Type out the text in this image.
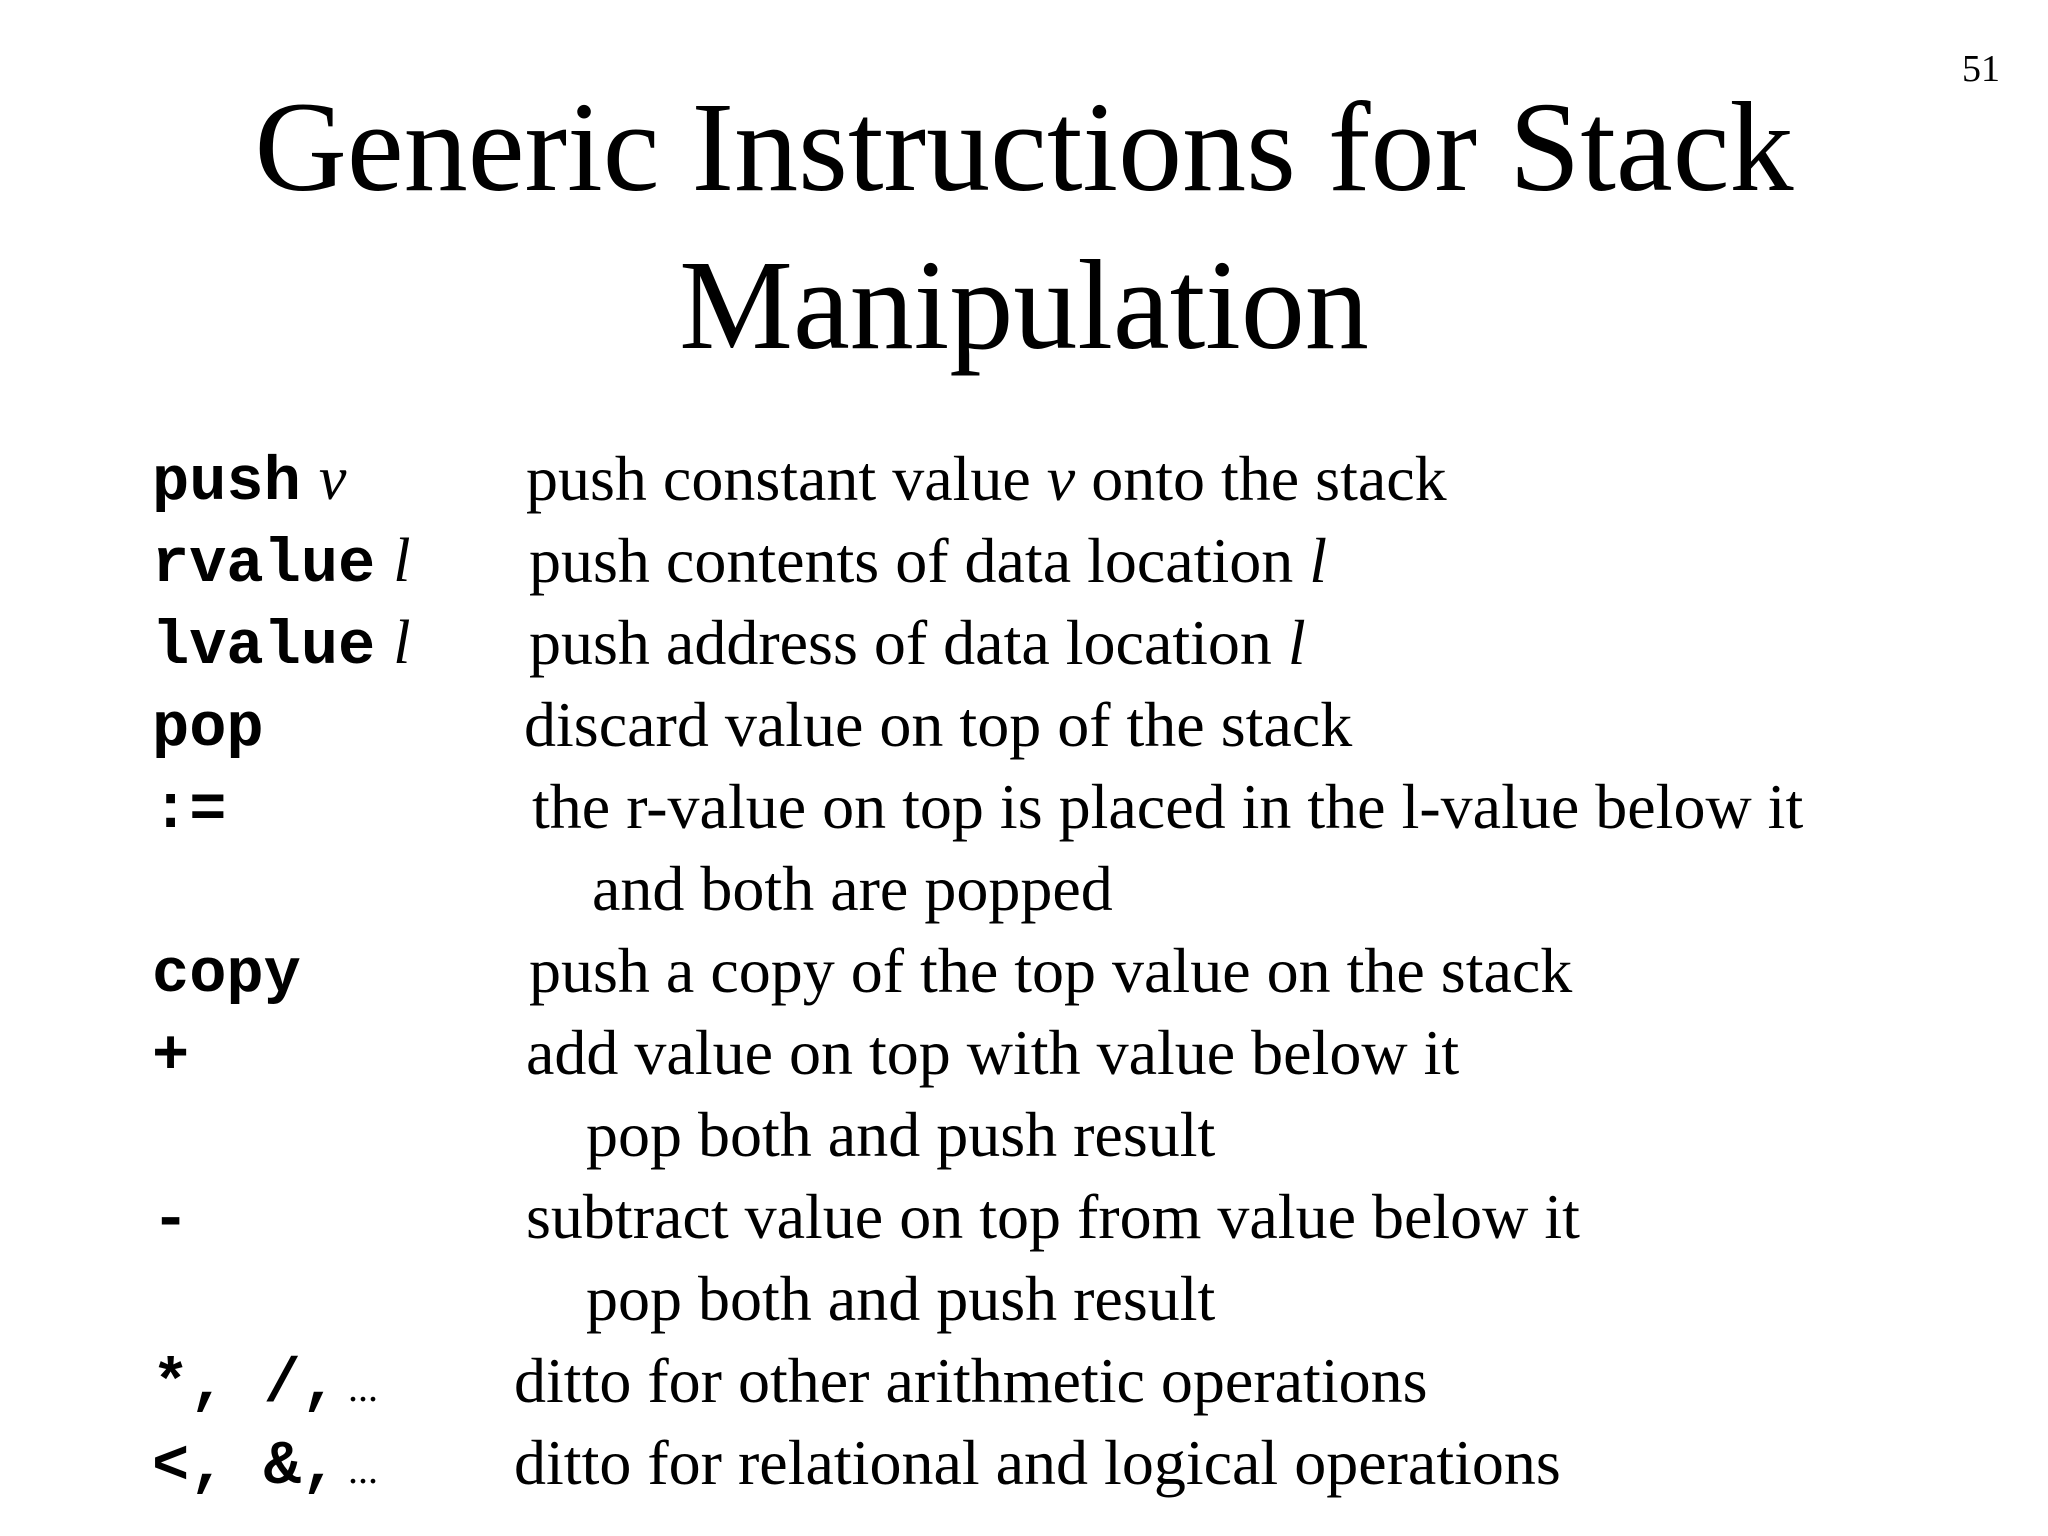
51
Generic Instructions for Stack
Manipulation
push v	push constant value v onto the stack
rvalue l push contents of data location l
lvalue l push address of data location l
pop	discard value on top of the stack
:=	the r-value on top is placed in the l-value below it
and both are popped
copy	push a copy of the top value on the stack
+	add value on top with value below it
pop both and push result
-	subtract value on top from value below it
pop both and push result
*, /, ... ditto for other arithmetic operations
<, &, ... ditto for relational and logical operations
